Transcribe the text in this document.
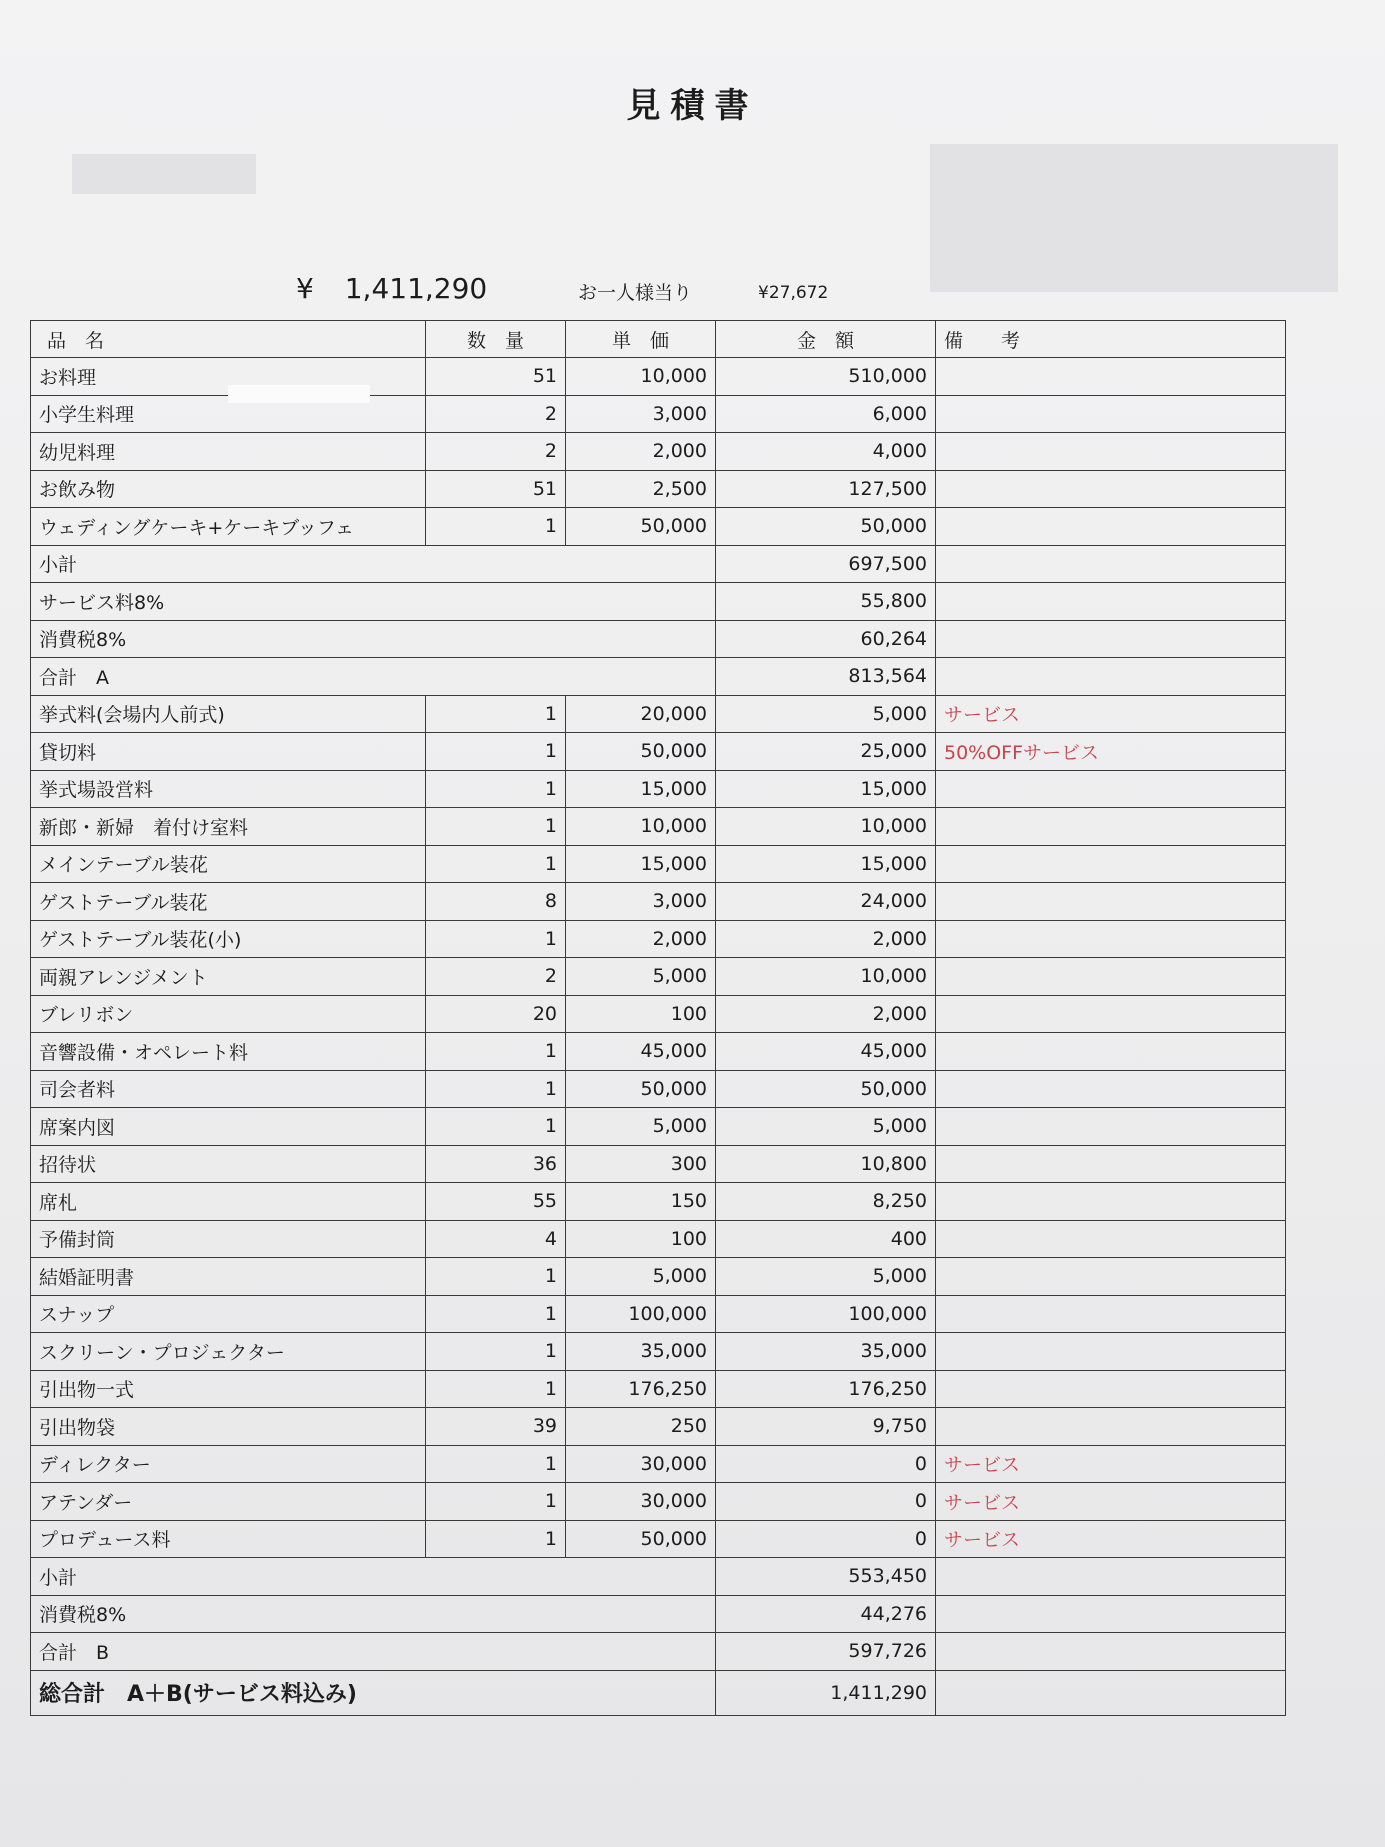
見積書
¥ 1,411,290	お一人様当り	¥27,672
品　名	数　量	単　価	金　額	備　　考
お料理	51	10,000	510,000	
小学生料理	2	3,000	6,000	
幼児料理	2	2,000	4,000	
お飲み物	51	2,500	127,500	
ウェディングケーキ+ケーキブッフェ	1	50,000	50,000	
小計			697,500	
サービス料8%			55,800	
消費税8%			60,264	
合計　A			813,564	
挙式料(会場内人前式)	1	20,000	5,000	サービス
貸切料	1	50,000	25,000	50%OFFサービス
挙式場設営料	1	15,000	15,000	
新郎・新婦　着付け室料	1	10,000	10,000	
メインテーブル装花	1	15,000	15,000	
ゲストテーブル装花	8	3,000	24,000	
ゲストテーブル装花(小)	1	2,000	2,000	
両親アレンジメント	2	5,000	10,000	
ブレリボン	20	100	2,000	
音響設備・オペレート料	1	45,000	45,000	
司会者料	1	50,000	50,000	
席案内図	1	5,000	5,000	
招待状	36	300	10,800	
席札	55	150	8,250	
予備封筒	4	100	400	
結婚証明書	1	5,000	5,000	
スナップ	1	100,000	100,000	
スクリーン・プロジェクター	1	35,000	35,000	
引出物一式	1	176,250	176,250	
引出物袋	39	250	9,750	
ディレクター	1	30,000	0	サービス
アテンダー	1	30,000	0	サービス
プロデュース料	1	50,000	0	サービス
小計			553,450	
消費税8%			44,276	
合計　B			597,726	
総合計　A＋B(サービス料込み)			1,411,290	
